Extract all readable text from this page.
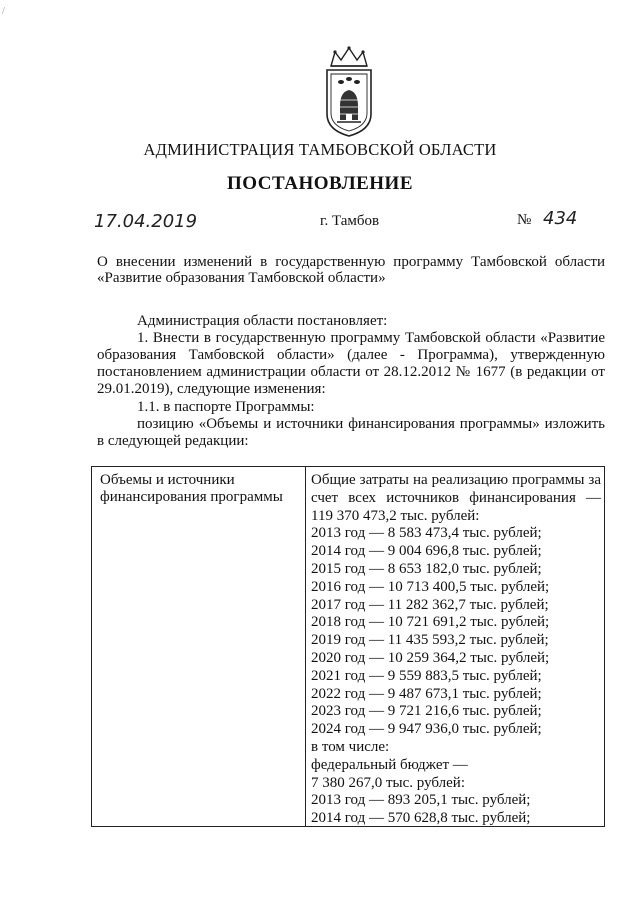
/
АДМИНИСТРАЦИЯ ТАМБОВСКОЙ ОБЛАСТИ
ПОСТАНОВЛЕНИЕ
17.04.2019	г. Тамбов	№ 434
О внесении изменений в государственную программу Тамбовской области «Развитие образования Тамбовской области»

Администрация области постановляет:

1. Внести в государственную программу Тамбовской области «Развитие образования Тамбовской области» (далее - Программа), утвержденную постановлением администрации области от 28.12.2012 № 1677 (в редакции от 29.01.2019), следующие изменения:

1.1. в паспорте Программы:

позицию «Объемы и источники финансирования программы» изложить в следующей редакции:

Объемы и источники финансирования программы
Общие затраты на реализацию программы за
счет всех источников финансирования —
119 370 473,2 тыс. рублей:
2013 год — 8 583 473,4 тыс. рублей;
2014 год — 9 004 696,8 тыс. рублей;
2015 год — 8 653 182,0 тыс. рублей;
2016 год — 10 713 400,5 тыс. рублей;
2017 год — 11 282 362,7 тыс. рублей;
2018 год — 10 721 691,2 тыс. рублей;
2019 год — 11 435 593,2 тыс. рублей;
2020 год — 10 259 364,2 тыс. рублей;
2021 год — 9 559 883,5 тыс. рублей;
2022 год — 9 487 673,1 тыс. рублей;
2023 год — 9 721 216,6 тыс. рублей;
2024 год — 9 947 936,0 тыс. рублей;
в том числе:
федеральный бюджет —
7 380 267,0 тыс. рублей:
2013 год — 893 205,1 тыс. рублей;
2014 год — 570 628,8 тыс. рублей;
